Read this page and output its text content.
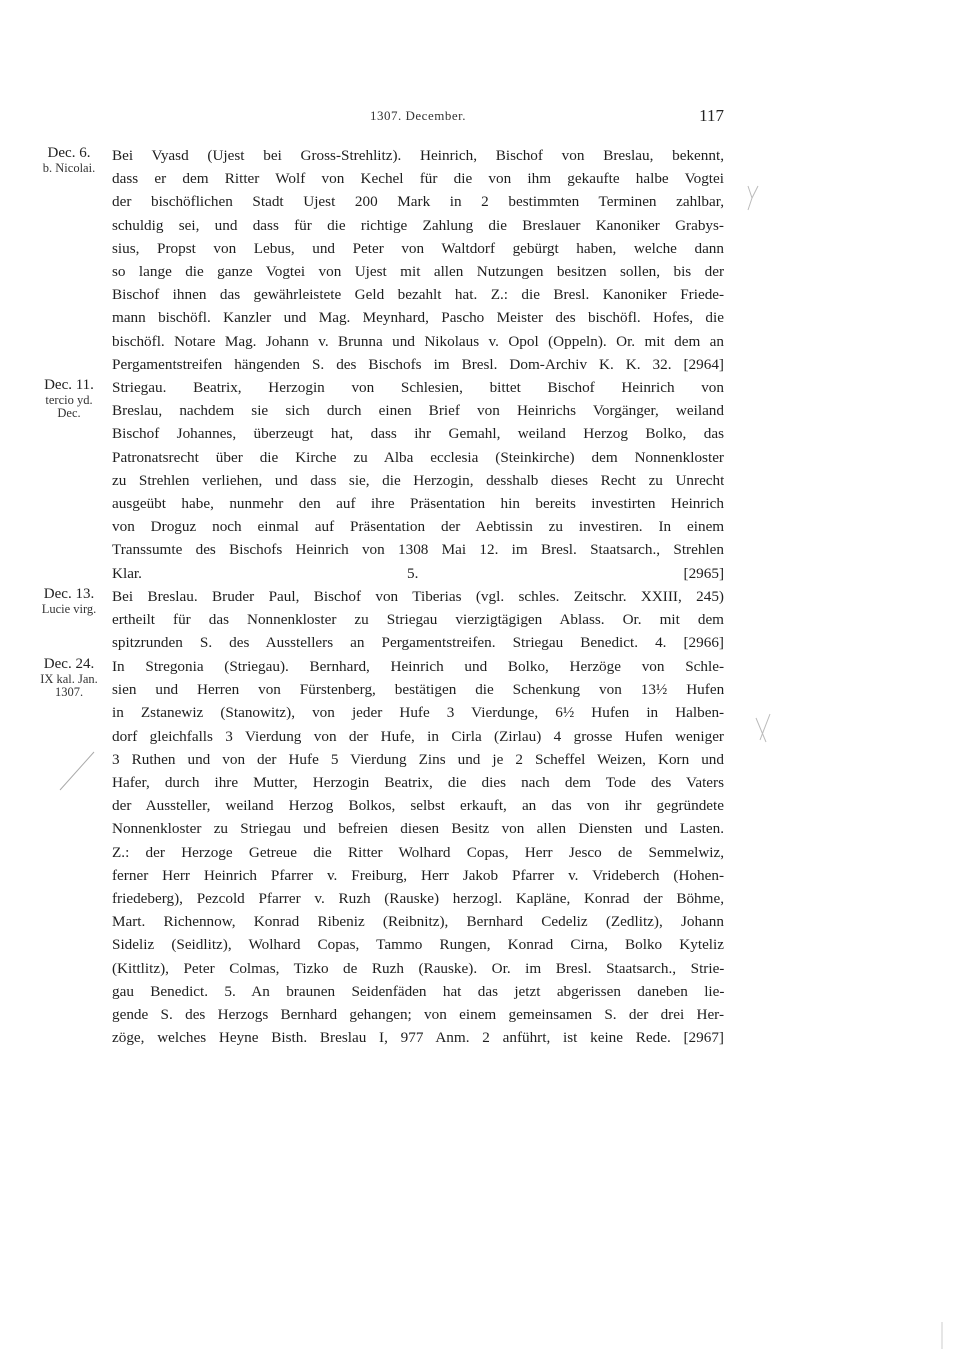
1307. December.	117
Dec. 6.
b. Nicolai.
Bei Vyasd (Ujest bei Gross-Strehlitz). Heinrich, Bischof von Breslau, bekennt,
dass er dem Ritter Wolf von Kechel für die von ihm gekaufte halbe Vogtei
der bischöflichen Stadt Ujest 200 Mark in 2 bestimmten Terminen zahlbar,
schuldig sei, und dass für die richtige Zahlung die Breslauer Kanoniker Grabys-
sius, Propst von Lebus, und Peter von Waltdorf gebürgt haben, welche dann
so lange die ganze Vogtei von Ujest mit allen Nutzungen besitzen sollen, bis der
Bischof ihnen das gewährleistete Geld bezahlt hat. Z.: die Bresl. Kanoniker Friede-
mann bischöfl. Kanzler und Mag. Meynhard, Pascho Meister des bischöfl. Hofes, die
bischöfl. Notare Mag. Johann v. Brunna und Nikolaus v. Opol (Oppeln). Or. mit dem an
Pergamentstreifen hängenden S. des Bischofs im Bresl. Dom-Archiv K. K. 32. [2964]
Dec. 11.
tercio yd.
Dec.
Striegau. Beatrix, Herzogin von Schlesien, bittet Bischof Heinrich von
Breslau, nachdem sie sich durch einen Brief von Heinrichs Vorgänger, weiland
Bischof Johannes, überzeugt hat, dass ihr Gemahl, weiland Herzog Bolko, das
Patronatsrecht über die Kirche zu Alba ecclesia (Steinkirche) dem Nonnenkloster
zu Strehlen verliehen, und dass sie, die Herzogin, desshalb dieses Recht zu Unrecht
ausgeübt habe, nunmehr den auf ihre Präsentation hin bereits investirten Heinrich
von Droguz noch einmal auf Präsentation der Aebtissin zu investiren. In einem
Transsumte des Bischofs Heinrich von 1308 Mai 12. im Bresl. Staatsarch., Strehlen
Klar. 5. [2965]
Dec. 13.
Lucie virg.
Bei Breslau. Bruder Paul, Bischof von Tiberias (vgl. schles. Zeitschr. XXIII, 245)
ertheilt für das Nonnenkloster zu Striegau vierzigtägigen Ablass. Or. mit dem
spitzrunden S. des Ausstellers an Pergamentstreifen. Striegau Benedict. 4. [2966]
Dec. 24.
IX kal. Jan.
1307.
In Stregonia (Striegau). Bernhard, Heinrich und Bolko, Herzöge von Schle-
sien und Herren von Fürstenberg, bestätigen die Schenkung von 13½ Hufen
in Zstanewiz (Stanowitz), von jeder Hufe 3 Vierdunge, 6½ Hufen in Halben-
dorf gleichfalls 3 Vierdung von der Hufe, in Cirla (Zirlau) 4 grosse Hufen weniger
3 Ruthen und von der Hufe 5 Vierdung Zins und je 2 Scheffel Weizen, Korn und
Hafer, durch ihre Mutter, Herzogin Beatrix, die dies nach dem Tode des Vaters
der Aussteller, weiland Herzog Bolkos, selbst erkauft, an das von ihr gegründete
Nonnenkloster zu Striegau und befreien diesen Besitz von allen Diensten und Lasten.
Z.: der Herzoge Getreue die Ritter Wolhard Copas, Herr Jesco de Semmelwiz,
ferner Herr Heinrich Pfarrer v. Freiburg, Herr Jakob Pfarrer v. Vrideberch (Hohen-
friedeberg), Pezcold Pfarrer v. Ruzh (Rauske) herzogl. Kapläne, Konrad der Böhme,
Mart. Richennow, Konrad Ribeniz (Reibnitz), Bernhard Cedeliz (Zedlitz), Johann
Sideliz (Seidlitz), Wolhard Copas, Tammo Rungen, Konrad Cirna, Bolko Kyteliz
(Kittlitz), Peter Colmas, Tizko de Ruzh (Rauske). Or. im Bresl. Staatsarch., Strie-
gau Benedict. 5. An braunen Seidenfäden hat das jetzt abgerissen daneben lie-
gende S. des Herzogs Bernhard gehangen; von einem gemeinsamen S. der drei Her-
zöge, welches Heyne Bisth. Breslau I, 977 Anm. 2 anführt, ist keine Rede. [2967]
